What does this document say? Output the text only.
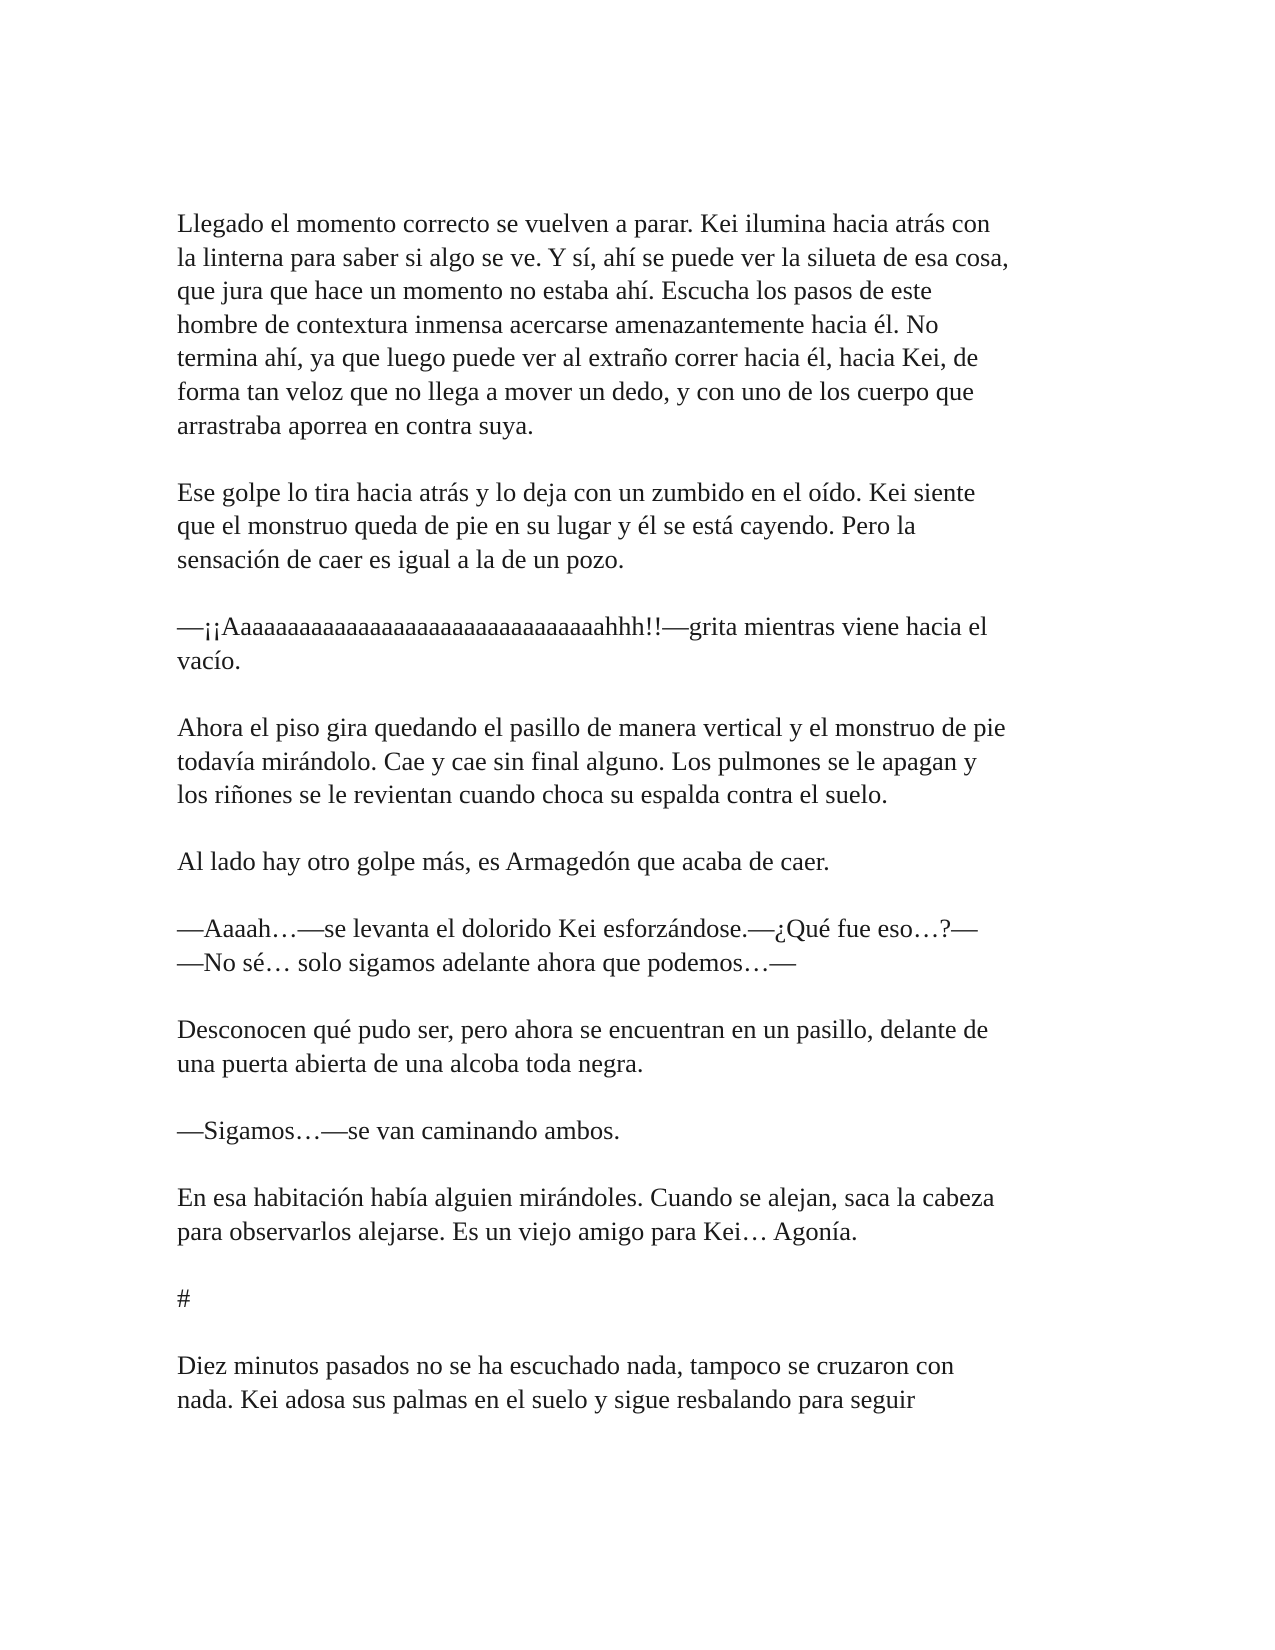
Llegado el momento correcto se vuelven a parar. Kei ilumina hacia atrás con
la linterna para saber si algo se ve. Y sí, ahí se puede ver la silueta de esa cosa,
que jura que hace un momento no estaba ahí. Escucha los pasos de este
hombre de contextura inmensa acercarse amenazantemente hacia él. No
termina ahí, ya que luego puede ver al extraño correr hacia él, hacia Kei, de
forma tan veloz que no llega a mover un dedo, y con uno de los cuerpo que
arrastraba aporrea en contra suya.

Ese golpe lo tira hacia atrás y lo deja con un zumbido en el oído. Kei siente
que el monstruo queda de pie en su lugar y él se está cayendo. Pero la
sensación de caer es igual a la de un pozo.

—¡¡Aaaaaaaaaaaaaaaaaaaaaaaaaaaaaaaahhh!!—grita mientras viene hacia el
vacío.

Ahora el piso gira quedando el pasillo de manera vertical y el monstruo de pie
todavía mirándolo. Cae y cae sin final alguno. Los pulmones se le apagan y
los riñones se le revientan cuando choca su espalda contra el suelo.

Al lado hay otro golpe más, es Armagedón que acaba de caer.

—Aaaah…—se levanta el dolorido Kei esforzándose.—¿Qué fue eso…?—
—No sé… solo sigamos adelante ahora que podemos…—

Desconocen qué pudo ser, pero ahora se encuentran en un pasillo, delante de
una puerta abierta de una alcoba toda negra.

—Sigamos…—se van caminando ambos.

En esa habitación había alguien mirándoles. Cuando se alejan, saca la cabeza
para observarlos alejarse. Es un viejo amigo para Kei… Agonía.

#

Diez minutos pasados no se ha escuchado nada, tampoco se cruzaron con
nada. Kei adosa sus palmas en el suelo y sigue resbalando para seguir
